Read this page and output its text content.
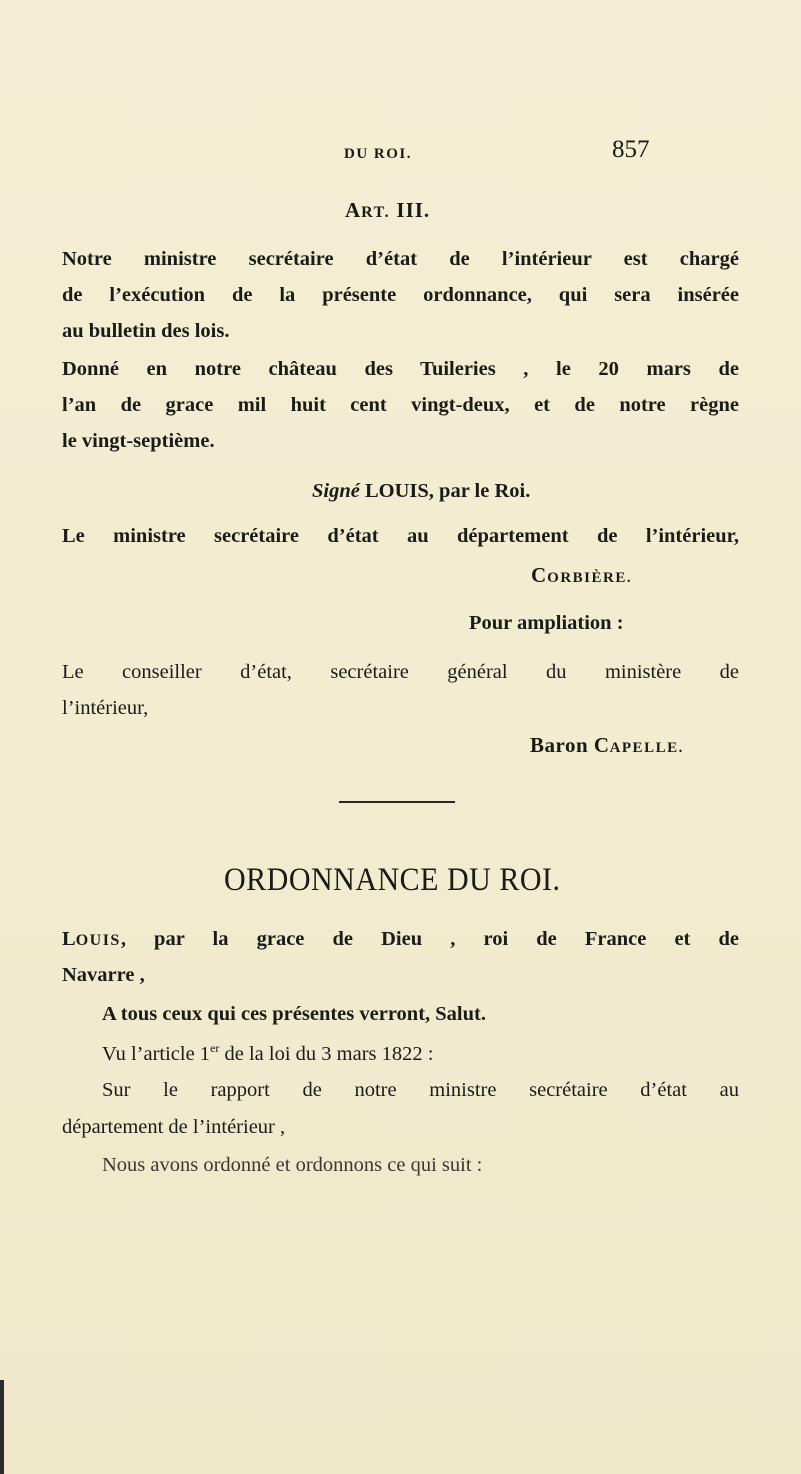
DU ROI.	857
ART. III.
Notre ministre secrétaire d’état de l’intérieur est chargé
de l’exécution de la présente ordonnance, qui sera insérée
au bulletin des lois.
Donné en notre château des Tuileries , le 20 mars de
l’an de grace mil huit cent vingt-deux, et de notre règne
le vingt-septième.
Signé LOUIS, par le Roi.
Le ministre secrétaire d’état au département de l’intérieur,
CORBIÈRE.
Pour ampliation :
Le conseiller d’état, secrétaire général du ministère de
l’intérieur,
Baron CAPELLE.
ORDONNANCE DU ROI.
LOUIS, par la grace de Dieu , roi de France et de
Navarre ,
A tous ceux qui ces présentes verront, Salut.
Vu l’article 1er de la loi du 3 mars 1822 :
Sur le rapport de notre ministre secrétaire d’état au
département de l’intérieur ,
Nous avons ordonné et ordonnons ce qui suit :
